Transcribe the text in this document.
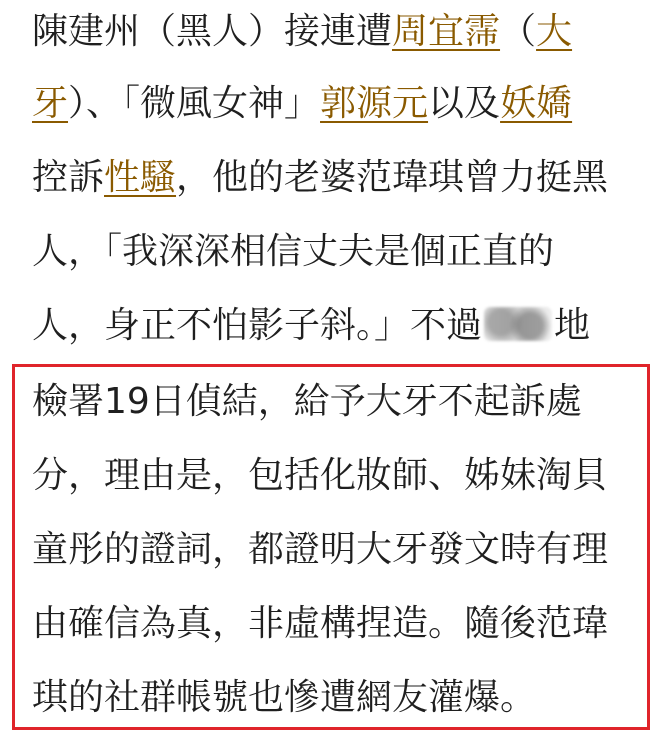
陳建州（黑人）接連遭周宜霈（大
牙）、「微風女神」郭源元以及妖嬌
控訴性騷，他的老婆范瑋琪曾力挺黑
人，「我深深相信丈夫是個正直的
人，身正不怕影子斜。」不過 地
檢署19日偵結，給予大牙不起訴處
分，理由是，包括化妝師、姊妹淘貝
童彤的證詞，都證明大牙發文時有理
由確信為真，非虛構捏造。隨後范瑋
琪的社群帳號也慘遭網友灌爆。
